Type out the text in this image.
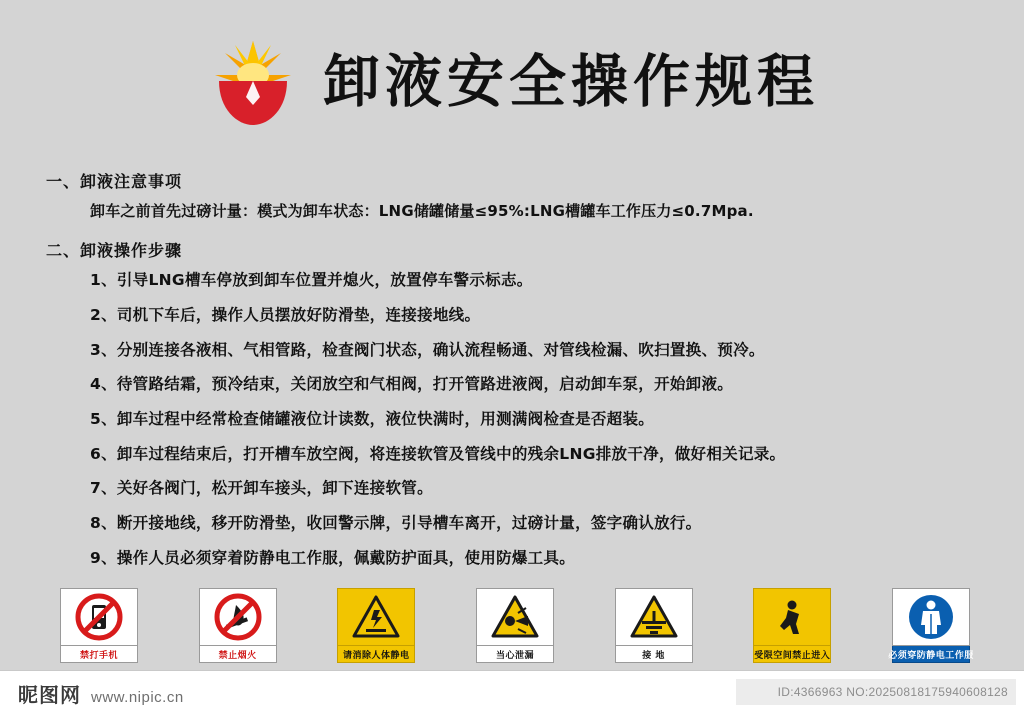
卸液安全操作规程

一、卸液注意事项

卸车之前首先过磅计量：模式为卸车状态：LNG储罐储量≤95%:LNG槽罐车工作压力≤0.7Mpa.

二、卸液操作步骤

1、引导LNG槽车停放到卸车位置并熄火，放置停车警示标志。
2、司机下车后，操作人员摆放好防滑垫，连接接地线。
3、分别连接各液相、气相管路，检查阀门状态，确认流程畅通、对管线检漏、吹扫置换、预冷。
4、待管路结霜，预冷结束，关闭放空和气相阀，打开管路进液阀，启动卸车泵，开始卸液。
5、卸车过程中经常检查储罐液位计读数，液位快满时，用测满阀检查是否超装。
6、卸车过程结束后，打开槽车放空阀，将连接软管及管线中的残余LNG排放干净，做好相关记录。
7、关好各阀门，松开卸车接头，卸下连接软管。
8、断开接地线，移开防滑垫，收回警示牌，引导槽车离开，过磅计量，签字确认放行。
9、操作人员必须穿着防静电工作服，佩戴防护面具，使用防爆工具。
禁打手机	禁止烟火	请消除人体静电	当心泄漏	接 地	受限空间禁止进入	必须穿防静电工作服
昵图网 www.nipic.cn	ID:4366963 NO:20250818175940608128
